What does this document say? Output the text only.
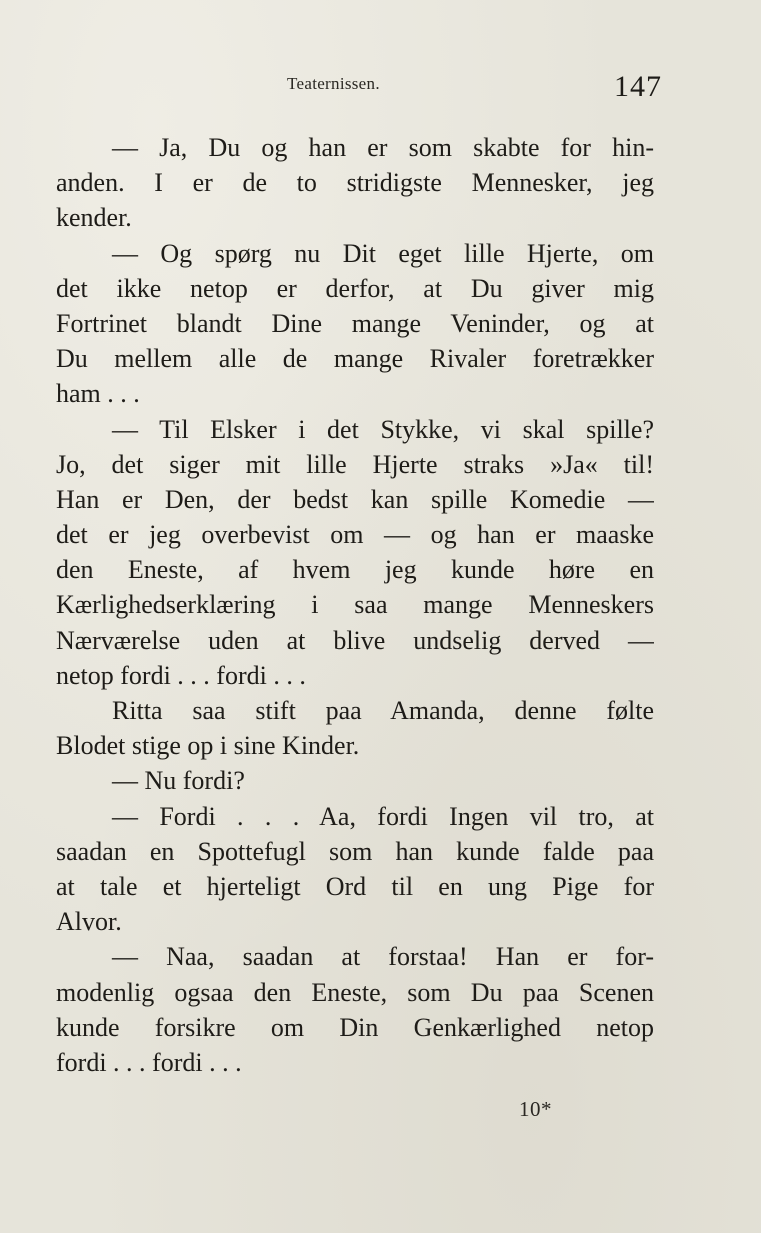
Teaternissen.	147
— Ja, Du og han er som skabte for hin-
anden. I er de to stridigste Mennesker, jeg
kender.
— Og spørg nu Dit eget lille Hjerte, om
det ikke netop er derfor, at Du giver mig
Fortrinet blandt Dine mange Veninder, og at
Du mellem alle de mange Rivaler foretrækker
ham . . .
— Til Elsker i det Stykke, vi skal spille?
Jo, det siger mit lille Hjerte straks »Ja« til!
Han er Den, der bedst kan spille Komedie —
det er jeg overbevist om — og han er maaske
den Eneste, af hvem jeg kunde høre en
Kærlighedserklæring i saa mange Menneskers
Nærværelse uden at blive undselig derved —
netop fordi . . . fordi . . .
Ritta saa stift paa Amanda, denne følte
Blodet stige op i sine Kinder.
— Nu fordi?
— Fordi . . . Aa, fordi Ingen vil tro, at
saadan en Spottefugl som han kunde falde paa
at tale et hjerteligt Ord til en ung Pige for
Alvor.
— Naa, saadan at forstaa! Han er for-
modenlig ogsaa den Eneste, som Du paa Scenen
kunde forsikre om Din Genkærlighed netop
fordi . . . fordi . . .
10*
